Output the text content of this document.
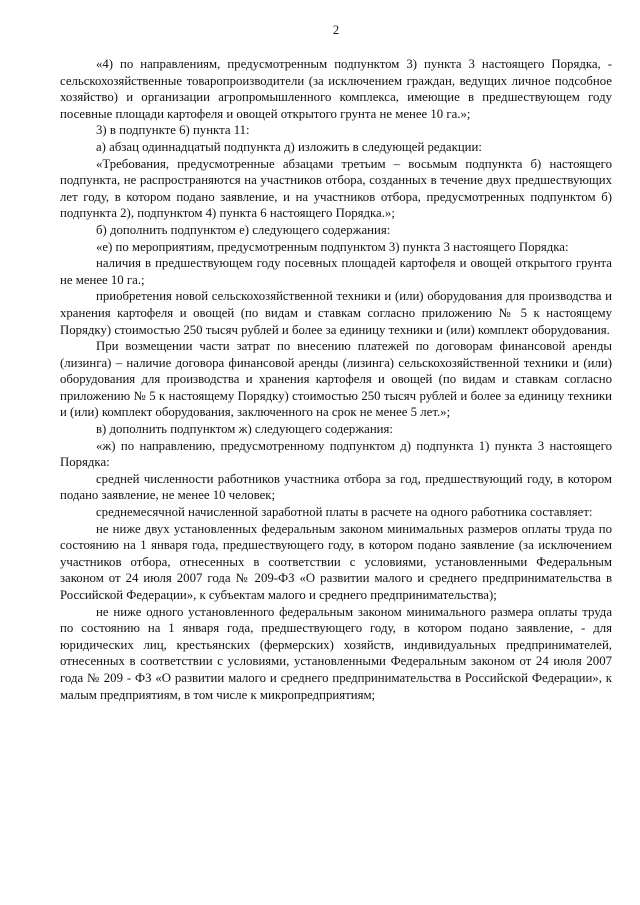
2

«4) по направлениям, предусмотренным подпунктом 3) пункта 3 настоящего Порядка, - сельскохозяйственные товаропроизводители (за исключением граждан, ведущих личное подсобное хозяйство) и организации агропромышленного комплекса, имеющие в предшествующем году посевные площади картофеля и овощей открытого грунта не менее 10 га.»;

3) в подпункте 6) пункта 11:

а) абзац одиннадцатый подпункта д) изложить в следующей редакции:

«Требования, предусмотренные абзацами третьим – восьмым подпункта б) настоящего подпункта, не распространяются на участников отбора, созданных в течение двух предшествующих лет году, в котором подано заявление, и на участников отбора, предусмотренных подпунктом б) подпункта 2), подпунктом 4) пункта 6 настоящего Порядка.»;

б) дополнить подпунктом е) следующего содержания:

«е) по мероприятиям, предусмотренным подпунктом 3) пункта 3 настоящего Порядка:

наличия в предшествующем году посевных площадей картофеля и овощей открытого грунта не менее 10 га.;

приобретения новой сельскохозяйственной техники и (или) оборудования для производства и хранения картофеля и овощей (по видам и ставкам согласно приложению № 5 к настоящему Порядку) стоимостью 250 тысяч рублей и более за единицу техники и (или) комплект оборудования.

При возмещении части затрат по внесению платежей по договорам финансовой аренды (лизинга) – наличие договора финансовой аренды (лизинга) сельскохозяйственной техники и (или) оборудования для производства и хранения картофеля и овощей (по видам и ставкам согласно приложению № 5 к настоящему Порядку) стоимостью 250 тысяч рублей и более за единицу техники и (или) комплект оборудования, заключенного на срок не менее 5 лет.»;

в) дополнить подпунктом ж) следующего содержания:

«ж) по направлению, предусмотренному подпунктом д) подпункта 1) пункта 3 настоящего Порядка:

средней численности работников участника отбора за год, предшествующий году, в котором подано заявление, не менее 10 человек;

среднемесячной начисленной заработной платы в расчете на одного работника составляет:

не ниже двух установленных федеральным законом минимальных размеров оплаты труда по состоянию на 1 января года, предшествующего году, в котором подано заявление (за исключением участников отбора, отнесенных в соответствии с условиями, установленными Федеральным законом от 24 июля 2007 года № 209-ФЗ «О развитии малого и среднего предпринимательства в Российской Федерации», к субъектам малого и среднего предпринимательства);

не ниже одного установленного федеральным законом минимального размера оплаты труда по состоянию на 1 января года, предшествующего году, в котором подано заявление, - для юридических лиц, крестьянских (фермерских) хозяйств, индивидуальных предпринимателей, отнесенных в соответствии с условиями, установленными Федеральным законом от 24 июля 2007 года № 209 - ФЗ «О развитии малого и среднего предпринимательства в Российской Федерации», к малым предприятиям, в том числе к микропредприятиям;
